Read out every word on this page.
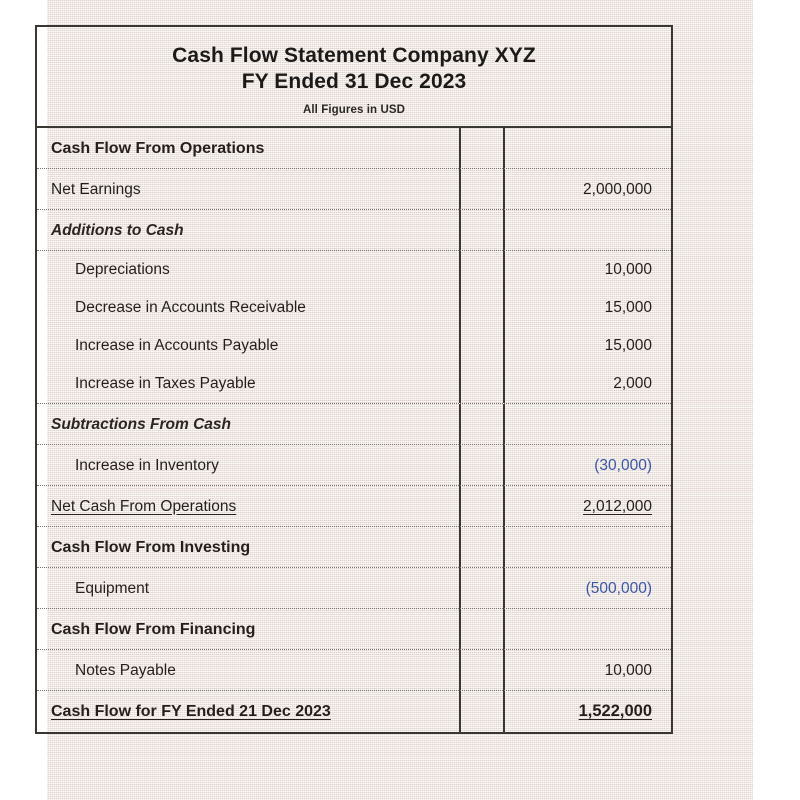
Cash Flow Statement Company XYZ
FY Ended 31 Dec 2023
All Figures in USD
Cash Flow From Operations
Net Earnings	2,000,000
Additions to Cash
Depreciations	10,000
Decrease in Accounts Receivable	15,000
Increase in Accounts Payable	15,000
Increase in Taxes Payable	2,000
Subtractions From Cash
Increase in Inventory	(30,000)
Net Cash From Operations	2,012,000
Cash Flow From Investing
Equipment	(500,000)
Cash Flow From Financing
Notes Payable	10,000
Cash Flow for FY Ended 21 Dec 2023	1,522,000
